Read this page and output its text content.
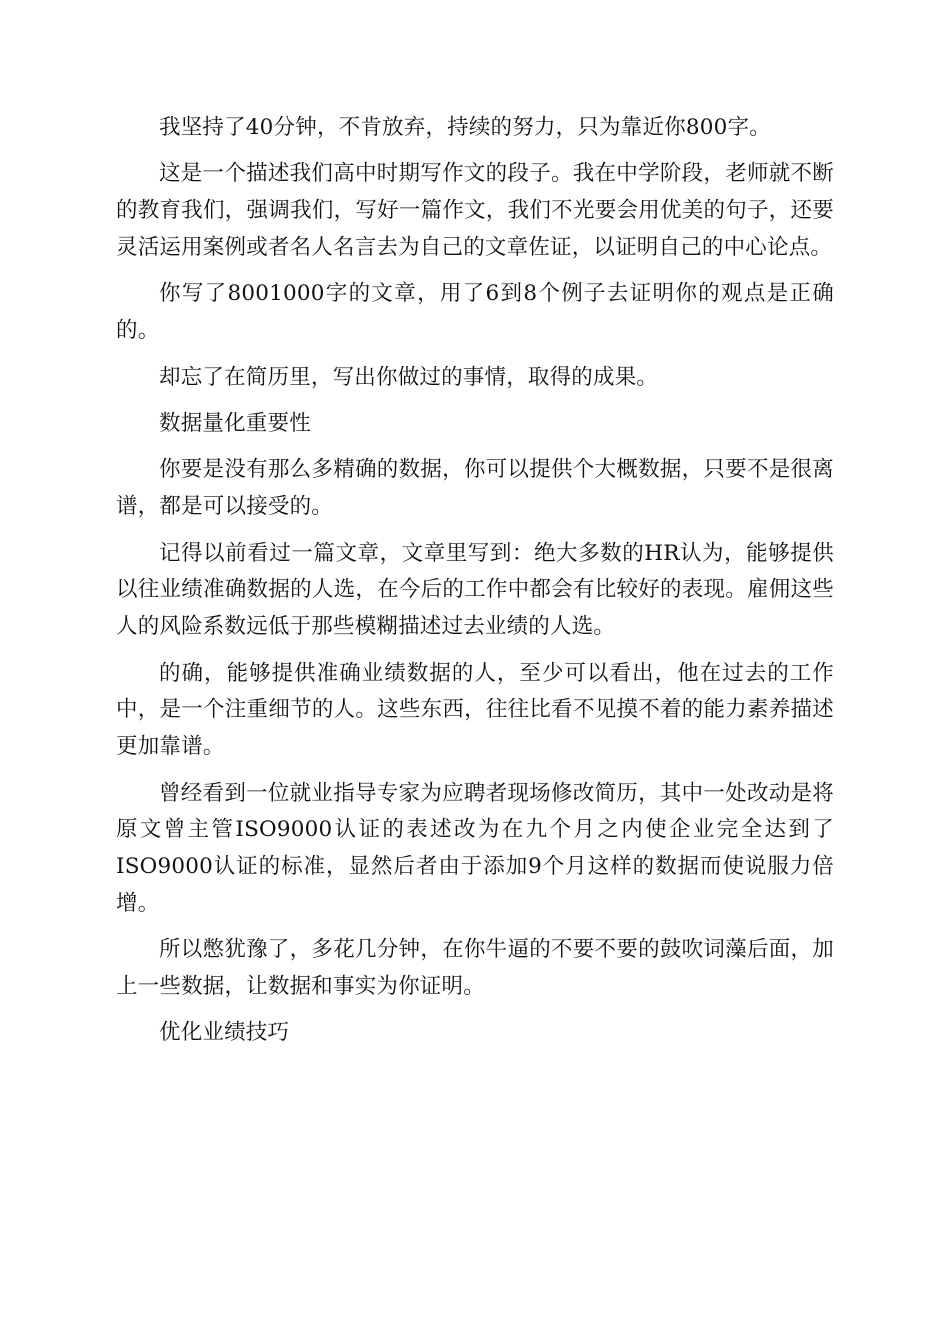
我坚持了40分钟，不肯放弃，持续的努力，只为靠近你800字。

这是一个描述我们高中时期写作文的段子。我在中学阶段，老师就不断的教育我们，强调我们，写好一篇作文，我们不光要会用优美的句子，还要灵活运用案例或者名人名言去为自己的文章佐证，以证明自己的中心论点。

你写了8001000字的文章，用了6到8个例子去证明你的观点是正确的。

却忘了在简历里，写出你做过的事情，取得的成果。

数据量化重要性

你要是没有那么多精确的数据，你可以提供个大概数据，只要不是很离谱，都是可以接受的。

记得以前看过一篇文章，文章里写到：绝大多数的HR认为，能够提供以往业绩准确数据的人选，在今后的工作中都会有比较好的表现。雇佣这些人的风险系数远低于那些模糊描述过去业绩的人选。

的确，能够提供准确业绩数据的人，至少可以看出，他在过去的工作中，是一个注重细节的人。这些东西，往往比看不见摸不着的能力素养描述更加靠谱。

曾经看到一位就业指导专家为应聘者现场修改简历，其中一处改动是将原文曾主管ISO9000认证的表述改为在九个月之内使企业完全达到了ISO9000认证的标准，显然后者由于添加9个月这样的数据而使说服力倍增。

所以憋犹豫了，多花几分钟，在你牛逼的不要不要的鼓吹词藻后面，加上一些数据，让数据和事实为你证明。

优化业绩技巧
